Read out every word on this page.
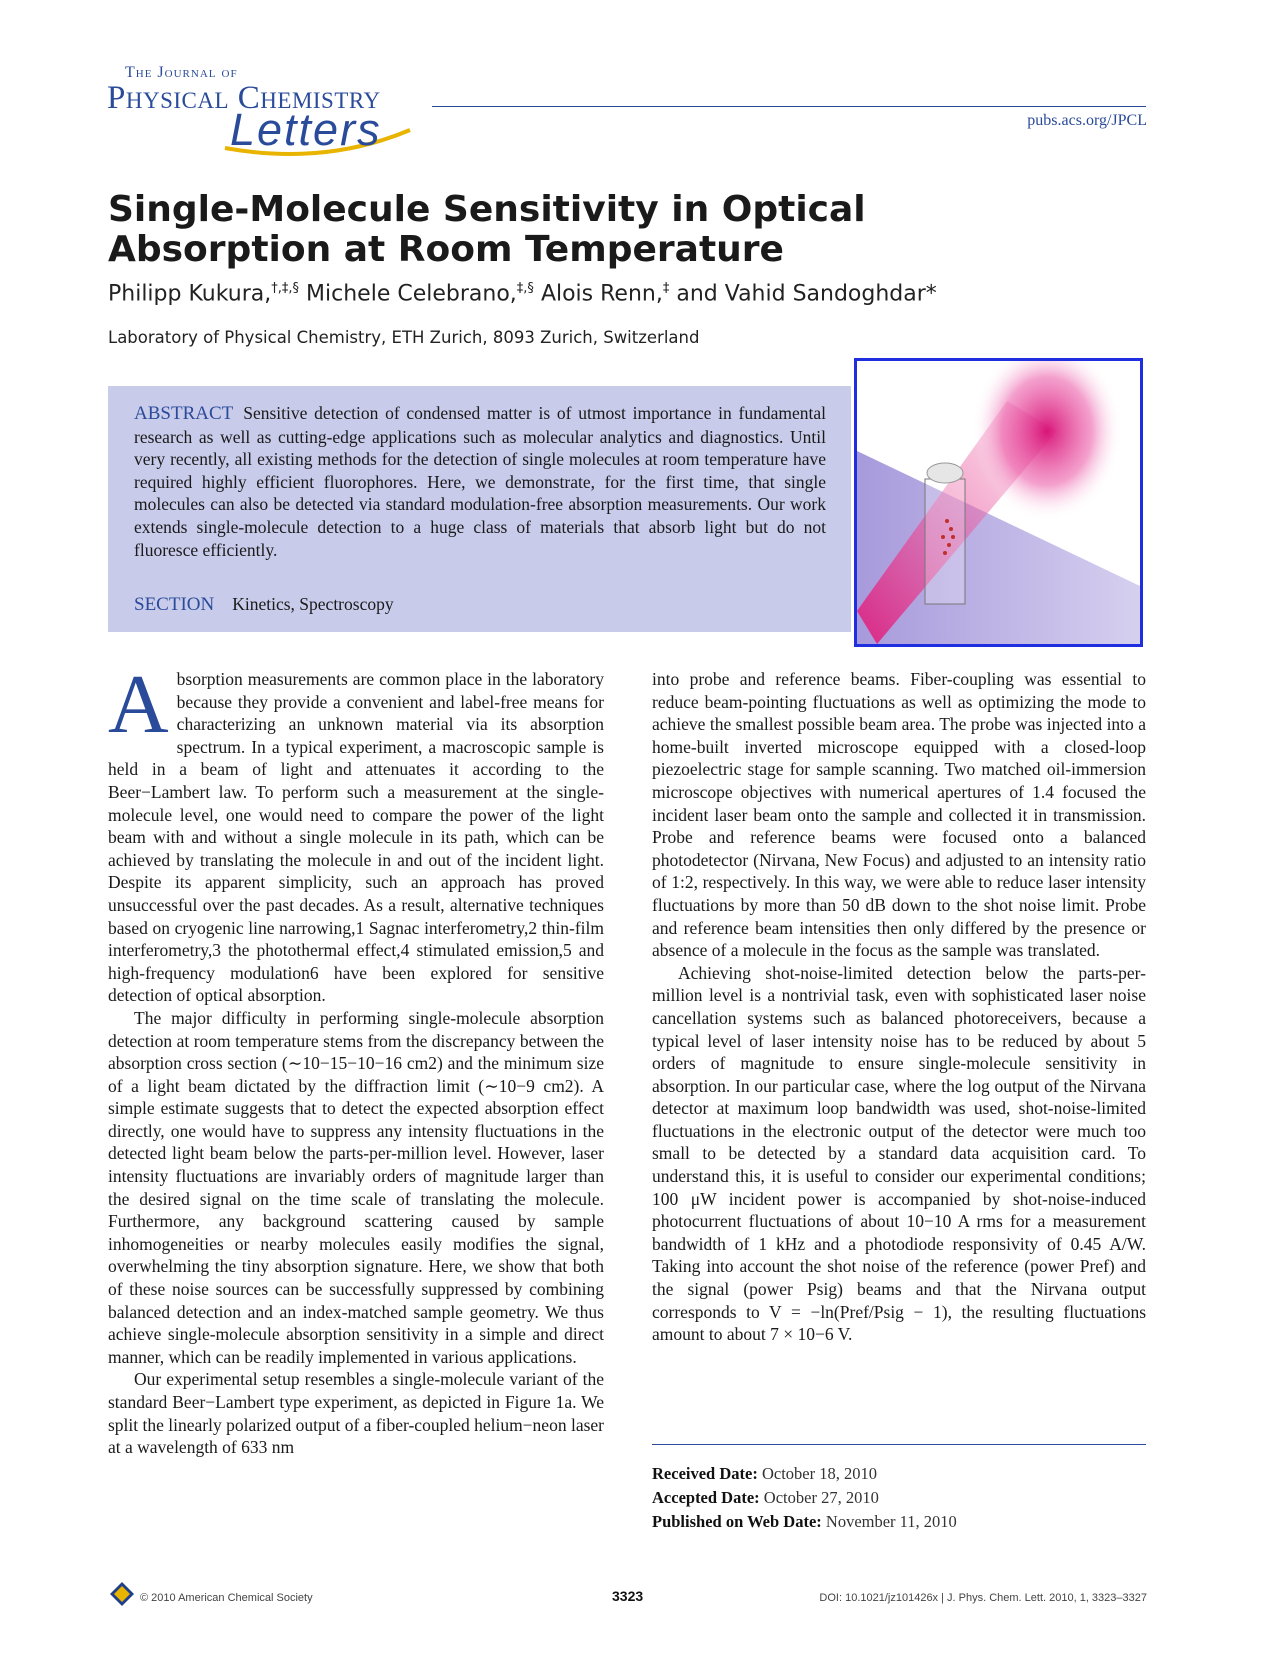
The Journal of
Physical Chemistry
Letters	pubs.acs.org/JPCL
Single-Molecule Sensitivity in Optical Absorption at Room Temperature
Philipp Kukura,†,‡,§ Michele Celebrano,‡,§ Alois Renn,‡ and Vahid Sandoghdar*
Laboratory of Physical Chemistry, ETH Zurich, 8093 Zurich, Switzerland
ABSTRACT Sensitive detection of condensed matter is of utmost importance in fundamental research as well as cutting-edge applications such as molecular analytics and diagnostics. Until very recently, all existing methods for the detection of single molecules at room temperature have required highly efficient fluorophores. Here, we demonstrate, for the first time, that single molecules can also be detected via standard modulation-free absorption measurements. Our work extends single-molecule detection to a huge class of materials that absorb light but do not fluoresce efficiently.
SECTION Kinetics, Spectroscopy

Absorption measurements are common place in the laboratory because they provide a convenient and label-free means for characterizing an unknown material via its absorption spectrum. In a typical experiment, a macroscopic sample is held in a beam of light and attenuates it according to the Beer−Lambert law. To perform such a measurement at the single-molecule level, one would need to compare the power of the light beam with and without a single molecule in its path, which can be achieved by translating the molecule in and out of the incident light. Despite its apparent simplicity, such an approach has proved unsuccessful over the past decades. As a result, alternative techniques based on cryogenic line narrowing,1 Sagnac interferometry,2 thin-film interferometry,3 the photothermal effect,4 stimulated emission,5 and high-frequency modulation6 have been explored for sensitive detection of optical absorption.

The major difficulty in performing single-molecule absorption detection at room temperature stems from the discrepancy between the absorption cross section (∼10−15−10−16 cm2) and the minimum size of a light beam dictated by the diffraction limit (∼10−9 cm2). A simple estimate suggests that to detect the expected absorption effect directly, one would have to suppress any intensity fluctuations in the detected light beam below the parts-per-million level. However, laser intensity fluctuations are invariably orders of magnitude larger than the desired signal on the time scale of translating the molecule. Furthermore, any background scattering caused by sample inhomogeneities or nearby molecules easily modifies the signal, overwhelming the tiny absorption signature. Here, we show that both of these noise sources can be successfully suppressed by combining balanced detection and an index-matched sample geometry. We thus achieve single-molecule absorption sensitivity in a simple and direct manner, which can be readily implemented in various applications.

Our experimental setup resembles a single-molecule variant of the standard Beer−Lambert type experiment, as depicted in Figure 1a. We split the linearly polarized output of a fiber-coupled helium−neon laser at a wavelength of 633 nm

into probe and reference beams. Fiber-coupling was essential to reduce beam-pointing fluctuations as well as optimizing the mode to achieve the smallest possible beam area. The probe was injected into a home-built inverted microscope equipped with a closed-loop piezoelectric stage for sample scanning. Two matched oil-immersion microscope objectives with numerical apertures of 1.4 focused the incident laser beam onto the sample and collected it in transmission. Probe and reference beams were focused onto a balanced photodetector (Nirvana, New Focus) and adjusted to an intensity ratio of 1:2, respectively. In this way, we were able to reduce laser intensity fluctuations by more than 50 dB down to the shot noise limit. Probe and reference beam intensities then only differed by the presence or absence of a molecule in the focus as the sample was translated.

Achieving shot-noise-limited detection below the parts-per-million level is a nontrivial task, even with sophisticated laser noise cancellation systems such as balanced photoreceivers, because a typical level of laser intensity noise has to be reduced by about 5 orders of magnitude to ensure single-molecule sensitivity in absorption. In our particular case, where the log output of the Nirvana detector at maximum loop bandwidth was used, shot-noise-limited fluctuations in the electronic output of the detector were much too small to be detected by a standard data acquisition card. To understand this, it is useful to consider our experimental conditions; 100 μW incident power is accompanied by shot-noise-induced photocurrent fluctuations of about 10−10 A rms for a measurement bandwidth of 1 kHz and a photodiode responsivity of 0.45 A/W. Taking into account the shot noise of the reference (power Pref) and the signal (power Psig) beams and that the Nirvana output corresponds to V = −ln(Pref/Psig − 1), the resulting fluctuations amount to about 7 × 10−6 V.

Received Date: October 18, 2010
Accepted Date: October 27, 2010
Published on Web Date: November 11, 2010
© 2010 American Chemical Society	3323	DOI: 10.1021/jz101426x | J. Phys. Chem. Lett. 2010, 1, 3323–3327
